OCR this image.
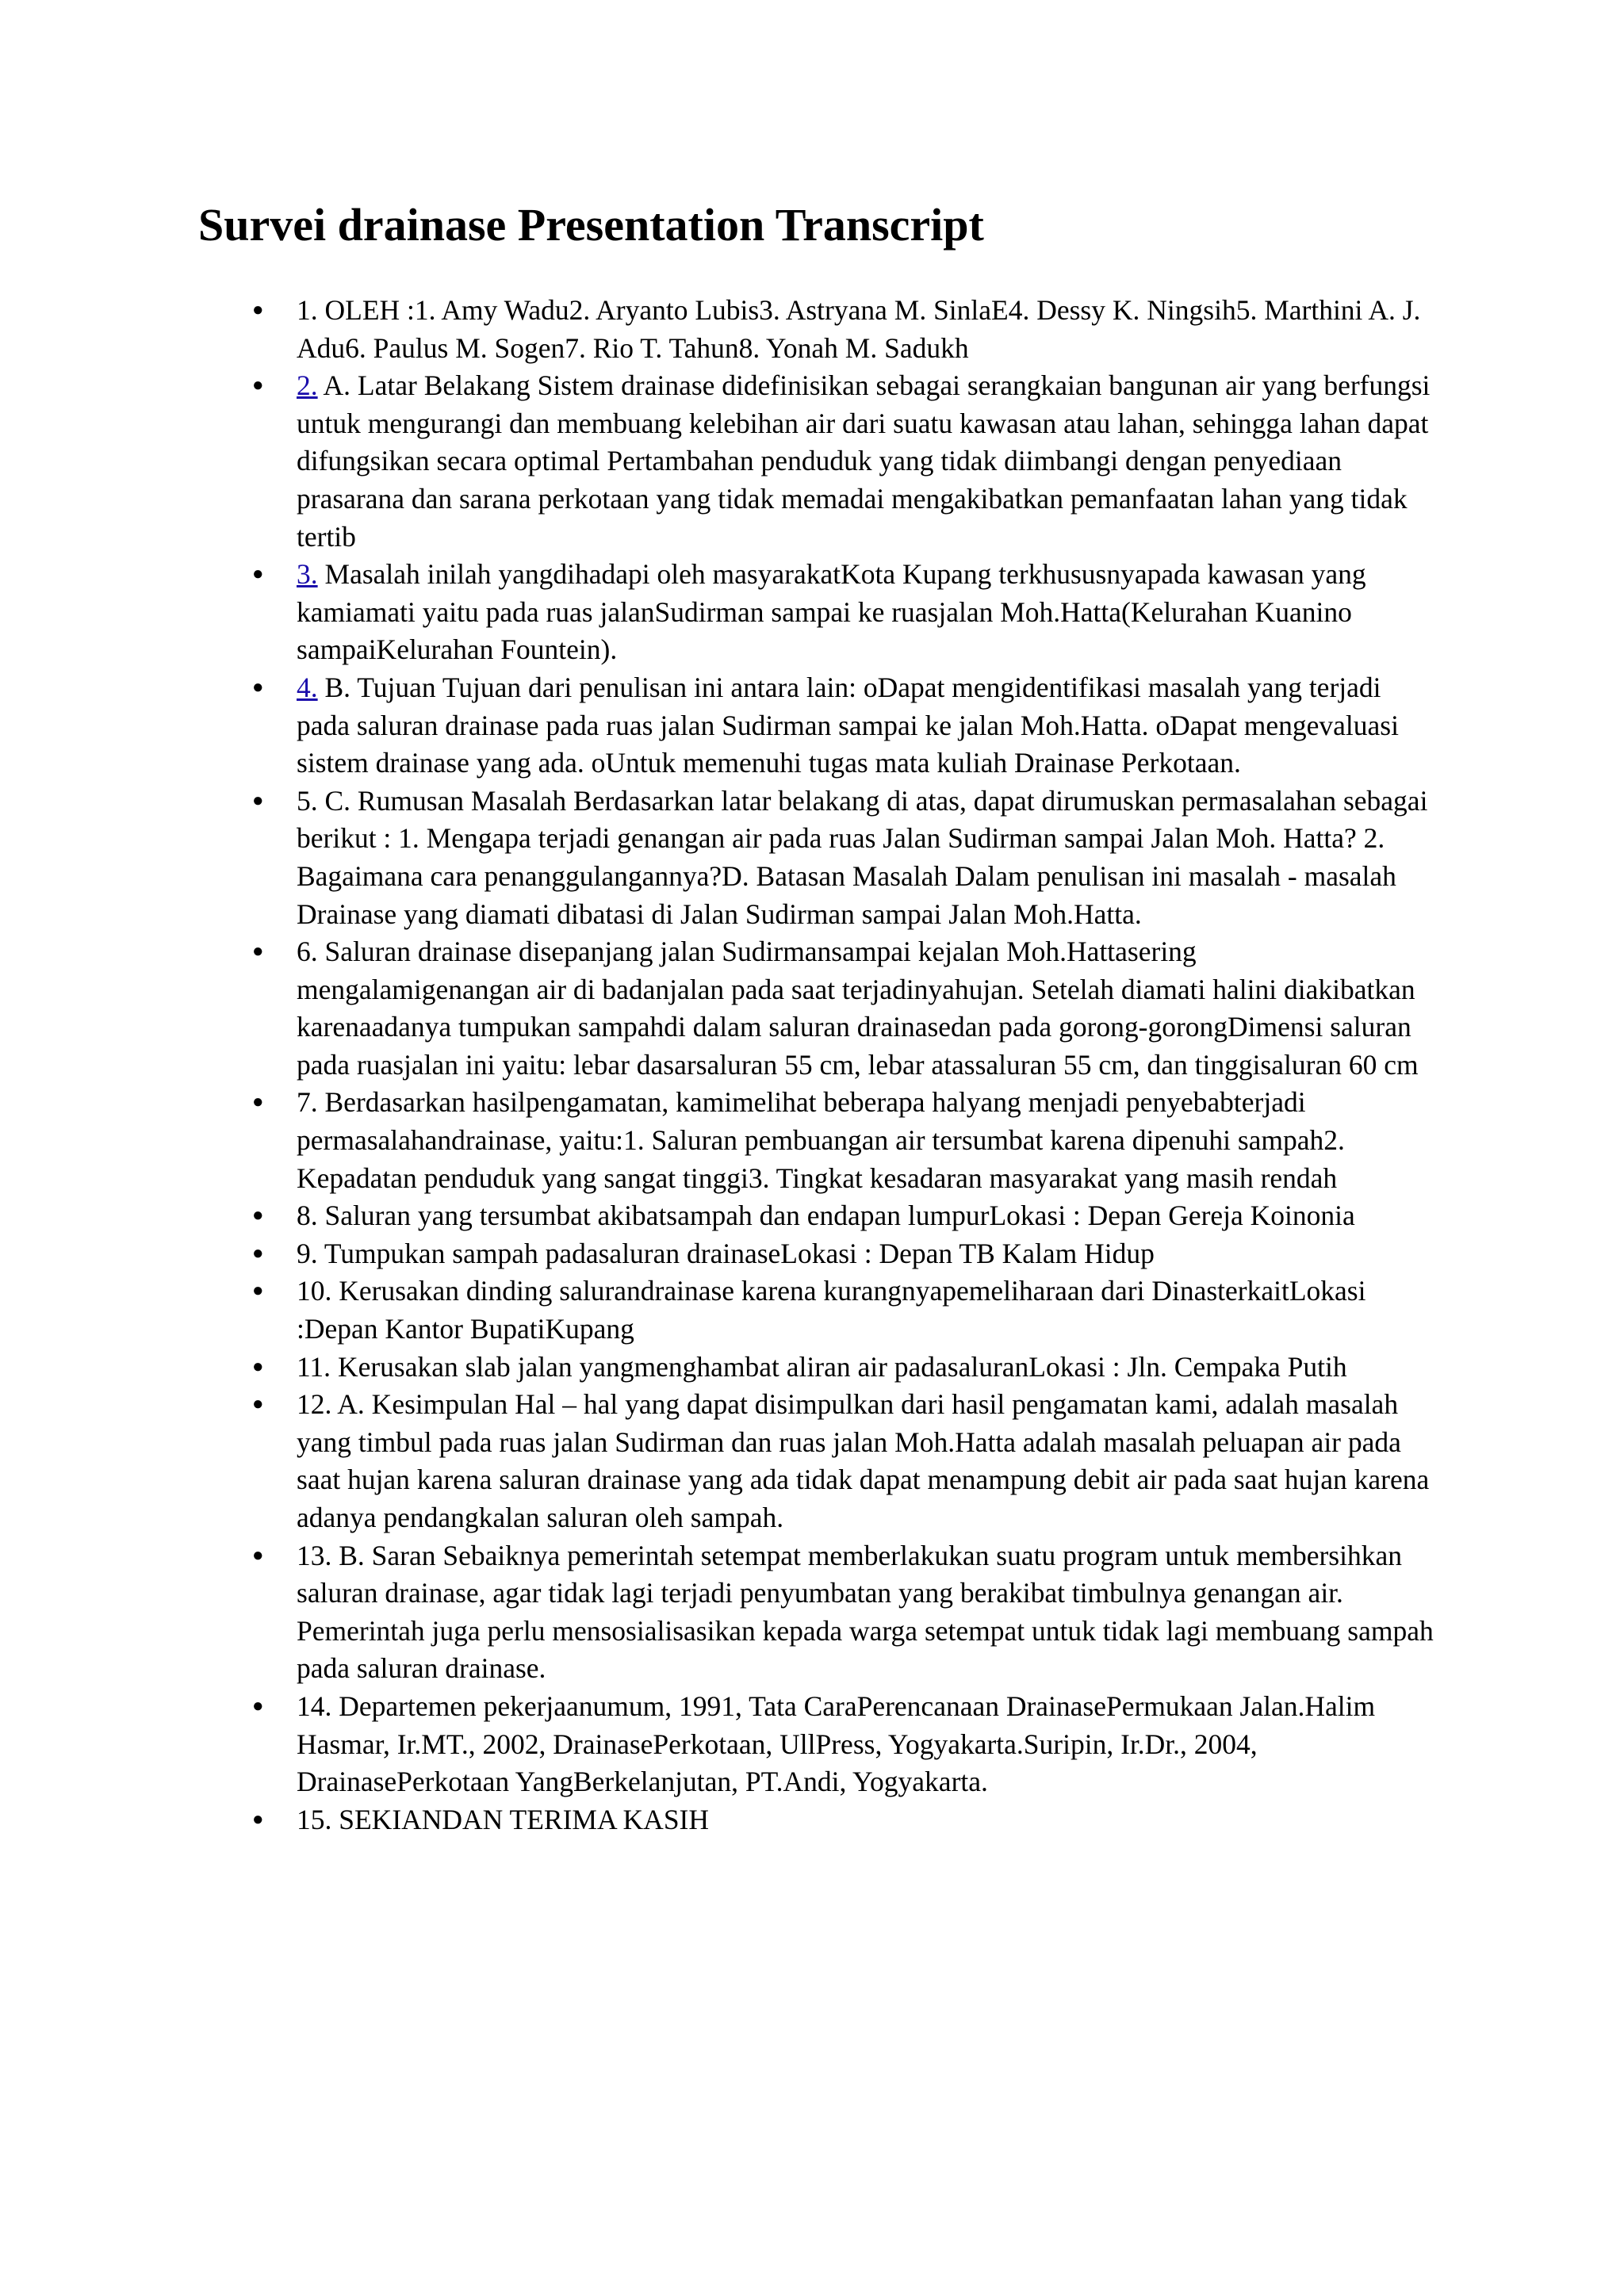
Survei drainase Presentation Transcript
● 1. OLEH :1. Amy Wadu2. Aryanto Lubis3. Astryana M. SinlaE4. Dessy K. Ningsih5. Marthini A. J. Adu6. Paulus M. Sogen7. Rio T. Tahun8. Yonah M. Sadukh
● 2. A. Latar Belakang Sistem drainase didefinisikan sebagai serangkaian bangunan air yang berfungsi untuk mengurangi dan membuang kelebihan air dari suatu kawasan atau lahan, sehingga lahan dapat difungsikan secara optimal Pertambahan penduduk yang tidak diimbangi dengan penyediaan prasarana dan sarana perkotaan yang tidak memadai mengakibatkan pemanfaatan lahan yang tidak tertib
● 3. Masalah inilah yangdihadapi oleh masyarakatKota Kupang terkhususnyapada kawasan yang kamiamati yaitu pada ruas jalanSudirman sampai ke ruasjalan Moh.Hatta(Kelurahan Kuanino sampaiKelurahan Fountein).
● 4. B. Tujuan Tujuan dari penulisan ini antara lain: oDapat mengidentifikasi masalah yang terjadi pada saluran drainase pada ruas jalan Sudirman sampai ke jalan Moh.Hatta. oDapat mengevaluasi sistem drainase yang ada. oUntuk memenuhi tugas mata kuliah Drainase Perkotaan.
● 5. C. Rumusan Masalah Berdasarkan latar belakang di atas, dapat dirumuskan permasalahan sebagai berikut : 1. Mengapa terjadi genangan air pada ruas Jalan Sudirman sampai Jalan Moh. Hatta? 2. Bagaimana cara penanggulangannya?D. Batasan Masalah Dalam penulisan ini masalah - masalah Drainase yang diamati dibatasi di Jalan Sudirman sampai Jalan Moh.Hatta.
● 6. Saluran drainase disepanjang jalan Sudirmansampai kejalan Moh.Hattasering mengalamigenangan air di badanjalan pada saat terjadinyahujan. Setelah diamati halini diakibatkan karenaadanya tumpukan sampahdi dalam saluran drainasedan pada gorong-gorongDimensi saluran pada ruasjalan ini yaitu: lebar dasarsaluran 55 cm, lebar atassaluran 55 cm, dan tinggisaluran 60 cm
● 7. Berdasarkan hasilpengamatan, kamimelihat beberapa halyang menjadi penyebabterjadi permasalahandrainase, yaitu:1. Saluran pembuangan air tersumbat karena dipenuhi sampah2. Kepadatan penduduk yang sangat tinggi3. Tingkat kesadaran masyarakat yang masih rendah
● 8. Saluran yang tersumbat akibatsampah dan endapan lumpurLokasi : Depan Gereja Koinonia
● 9. Tumpukan sampah padasaluran drainaseLokasi : Depan TB Kalam Hidup
● 10. Kerusakan dinding salurandrainase karena kurangnyapemeliharaan dari DinasterkaitLokasi :Depan Kantor BupatiKupang
● 11. Kerusakan slab jalan yangmenghambat aliran air padasaluranLokasi : Jln. Cempaka Putih
● 12. A. Kesimpulan Hal – hal yang dapat disimpulkan dari hasil pengamatan kami, adalah masalah yang timbul pada ruas jalan Sudirman dan ruas jalan Moh.Hatta adalah masalah peluapan air pada saat hujan karena saluran drainase yang ada tidak dapat menampung debit air pada saat hujan karena adanya pendangkalan saluran oleh sampah.
● 13. B. Saran Sebaiknya pemerintah setempat memberlakukan suatu program untuk membersihkan saluran drainase, agar tidak lagi terjadi penyumbatan yang berakibat timbulnya genangan air. Pemerintah juga perlu mensosialisasikan kepada warga setempat untuk tidak lagi membuang sampah pada saluran drainase.
● 14. Departemen pekerjaanumum, 1991, Tata CaraPerencanaan DrainasePermukaan Jalan.Halim Hasmar, Ir.MT., 2002, DrainasePerkotaan, UllPress, Yogyakarta.Suripin, Ir.Dr., 2004, DrainasePerkotaan YangBerkelanjutan, PT.Andi, Yogyakarta.
● 15. SEKIANDAN TERIMA KASIH
